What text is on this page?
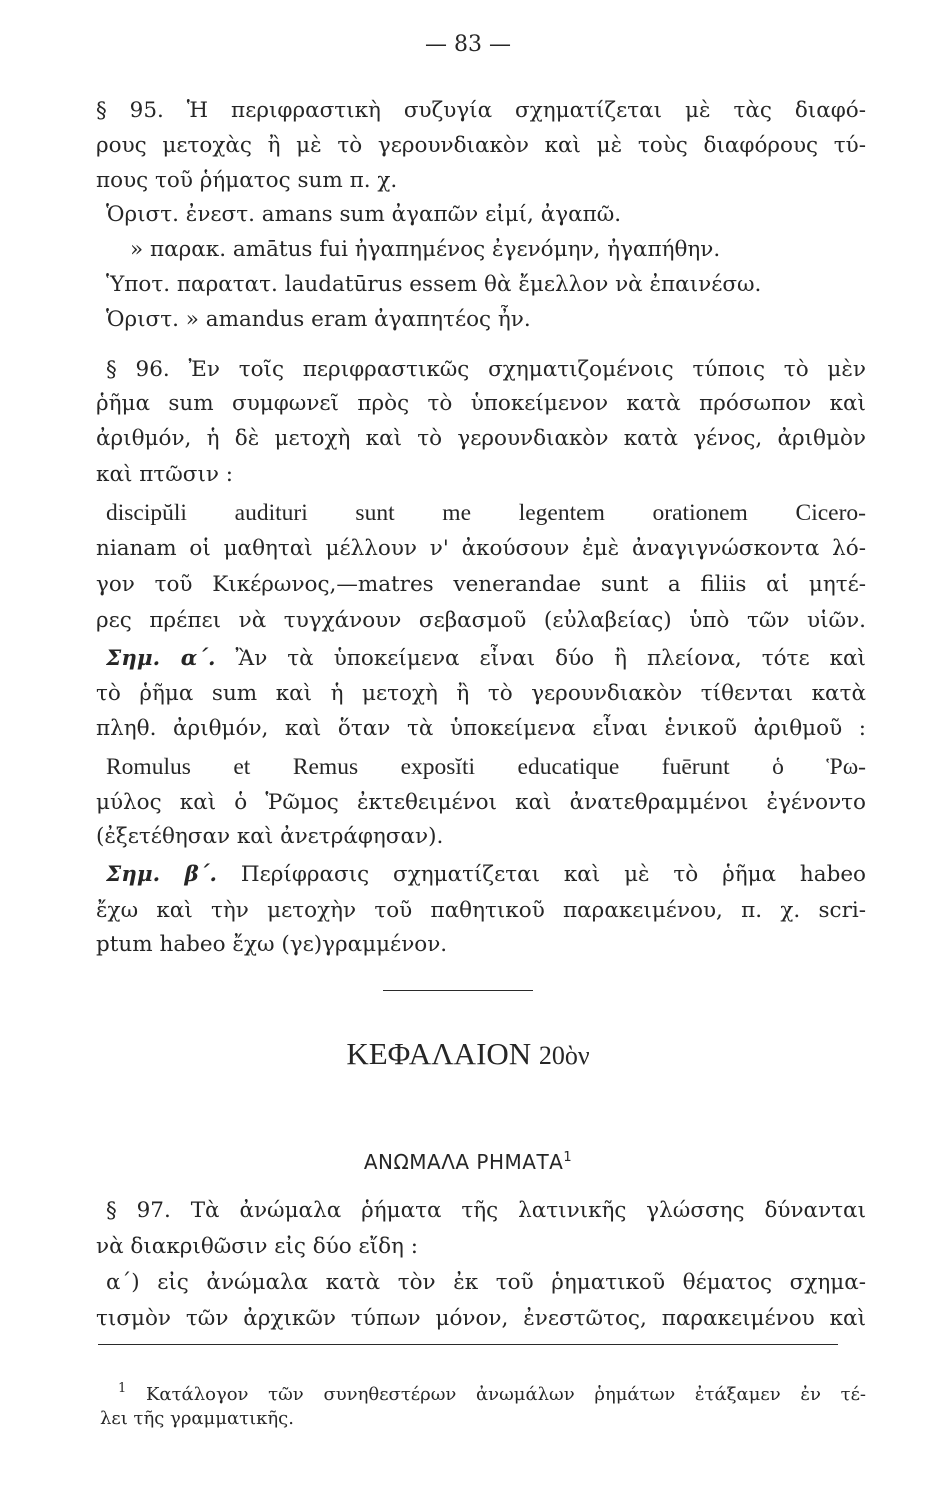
— 83 —
§ 95. Ἡ περιφραστικὴ συζυγία σχηματίζεται μὲ τὰς διαφό-
ρους μετοχὰς ἢ μὲ τὸ γερουνδιακὸν καὶ μὲ τοὺς διαφόρους τύ-
πους τοῦ ῥήματος sum π. χ.
Ὁριστ. ἐνεστ. amans sum ἀγαπῶν εἰμί, ἀγαπῶ.
» παρακ. amātus fui ἠγαπημένος ἐγενόμην, ἠγαπήθην.
Ὑποτ. παρατατ. laudatūrus essem θὰ ἔμελλον νὰ ἐπαινέσω.
Ὁριστ. » amandus eram ἀγαπητέος ἦν.
§ 96. Ἐν τοῖς περιφραστικῶς σχηματιζομένοις τύποις τὸ μὲν
ῥῆμα sum συμφωνεῖ πρὸς τὸ ὑποκείμενον κατὰ πρόσωπον καὶ
ἀριθμόν, ἡ δὲ μετοχὴ καὶ τὸ γερουνδιακὸν κατὰ γένος, ἀριθμὸν
καὶ πτῶσιν :
discipŭli audituri sunt me legentem orationem Cicero-
nianam οἱ μαθηταὶ μέλλουν ν' ἀκούσουν ἐμὲ ἀναγιγνώσκοντα λό-
γον τοῦ Κικέρωνος,—matres venerandae sunt a filiis αἱ μητέ-
ρες πρέπει νὰ τυγχάνουν σεβασμοῦ (εὐλαβείας) ὑπὸ τῶν υἱῶν.
Σημ. α΄. Ἂν τὰ ὑποκείμενα εἶναι δύο ἢ πλείονα, τότε καὶ
τὸ ῥῆμα sum καὶ ἡ μετοχὴ ἢ τὸ γερουνδιακὸν τίθενται κατὰ
πληθ. ἀριθμόν, καὶ ὅταν τὰ ὑποκείμενα εἶναι ἑνικοῦ ἀριθμοῦ :
Romulus et Remus exposĭti educatique fuērunt ὁ Ῥω-
μύλος καὶ ὁ Ῥῶμος ἐκτεθειμένοι καὶ ἀνατεθραμμένοι ἐγένοντο
(ἐξετέθησαν καὶ ἀνετράφησαν).
Σημ. β΄. Περίφρασις σχηματίζεται καὶ μὲ τὸ ῥῆμα habeo
ἔχω καὶ τὴν μετοχὴν τοῦ παθητικοῦ παρακειμένου, π. χ. scri-
ptum habeo ἔχω (γε)γραμμένον.
ΚΕΦΑΛΑΙΟΝ 20ὸν
ΑΝΩΜΑΛΑ ΡΗΜΑΤΑ$^1$
§ 97. Τὰ ἀνώμαλα ῥήματα τῆς λατινικῆς γλώσσης δύνανται
νὰ διακριθῶσιν εἰς δύο εἴδη :
α΄) εἰς ἀνώμαλα κατὰ τὸν ἐκ τοῦ ῥηματικοῦ θέματος σχημα-
τισμὸν τῶν ἀρχικῶν τύπων μόνον, ἐνεστῶτος, παρακειμένου καὶ
$^1$ Κατάλογον τῶν συνηθεστέρων ἀνωμάλων ῥημάτων ἐτάξαμεν ἐν τέ-
λει τῆς γραμματικῆς.
